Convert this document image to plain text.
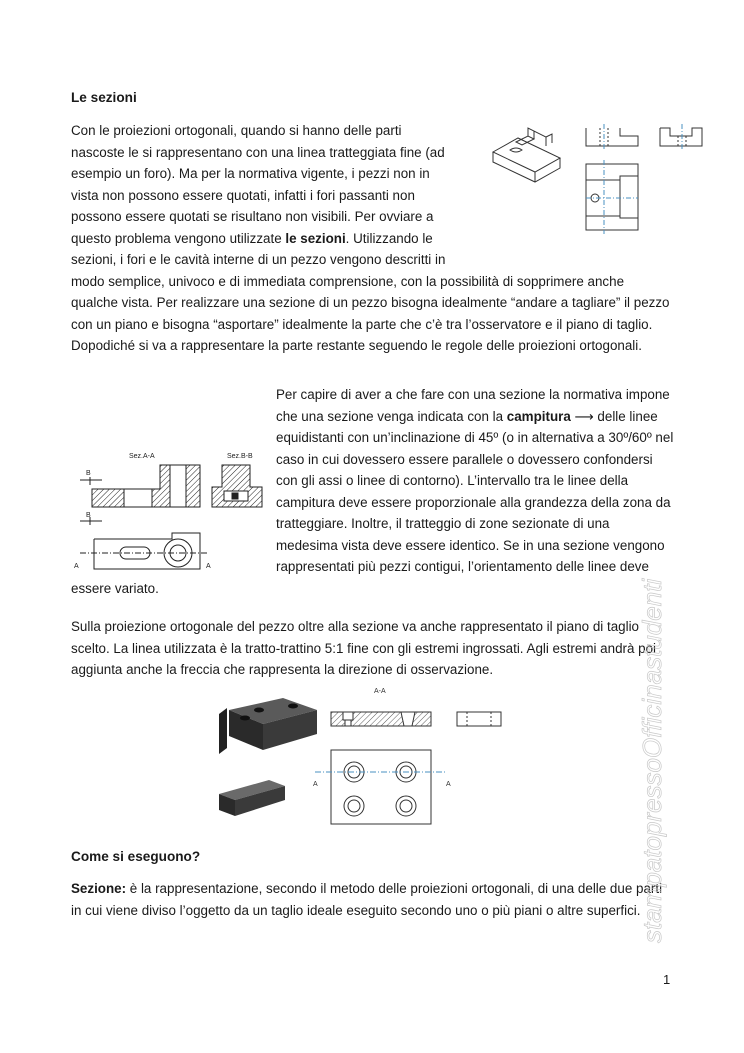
Le sezioni

Con le proiezioni ortogonali, quando si hanno delle parti nascoste le si rappresentano con una linea tratteggiata fine (ad esempio un foro). Ma per la normativa vigente, i pezzi non in vista non possono essere quotati, infatti i fori passanti non possono essere quotati se risultano non visibili. Per ovviare a questo problema vengono utilizzate le sezioni. Utilizzando le sezioni, i fori e le cavità interne di un pezzo vengono descritti in modo semplice, univoco e di immediata comprensione, con la possibilità di sopprimere anche qualche vista. Per realizzare una sezione di un pezzo bisogna idealmente “andare a tagliare” il pezzo con un piano e bisogna “asportare” idealmente la parte che c’è tra l’osservatore e il piano di taglio. Dopodiché si va a rappresentare la parte restante seguendo le regole delle proiezioni ortogonali.

Per capire di aver a che fare con una sezione la normativa impone che una sezione venga indicata con la campitura ⟶ delle linee equidistanti con un’inclinazione di 45º (o in alternativa a 30º/60º nel caso in cui dovessero essere parallele o dovessero confondersi con gli assi o linee di contorno). L’intervallo tra le linee della campitura deve essere proporzionale alla grandezza della zona da tratteggiare. Inoltre, il tratteggio di zone sezionate di una medesima vista deve essere identico. Se in una sezione vengono rappresentati più pezzi contigui, l’orientamento delle linee deve essere variato.

Sulla proiezione ortogonale del pezzo oltre alla sezione va anche rappresentato il piano di taglio scelto. La linea utilizzata è la tratto-trattino 5:1 fine con gli estremi ingrossati. Agli estremi andrà poi aggiunta anche la freccia che rappresenta la direzione di osservazione.

Come si eseguono?

Sezione: è la rappresentazione, secondo il metodo delle proiezioni ortogonali, di una delle due parti in cui viene diviso l’oggetto da un taglio ideale eseguito secondo uno o più piani o altre superfici.

Sez.A-A	Sez.B-B
B
B
A	A
A-A
A	A	stampatopressoOfficinastudenti
1
